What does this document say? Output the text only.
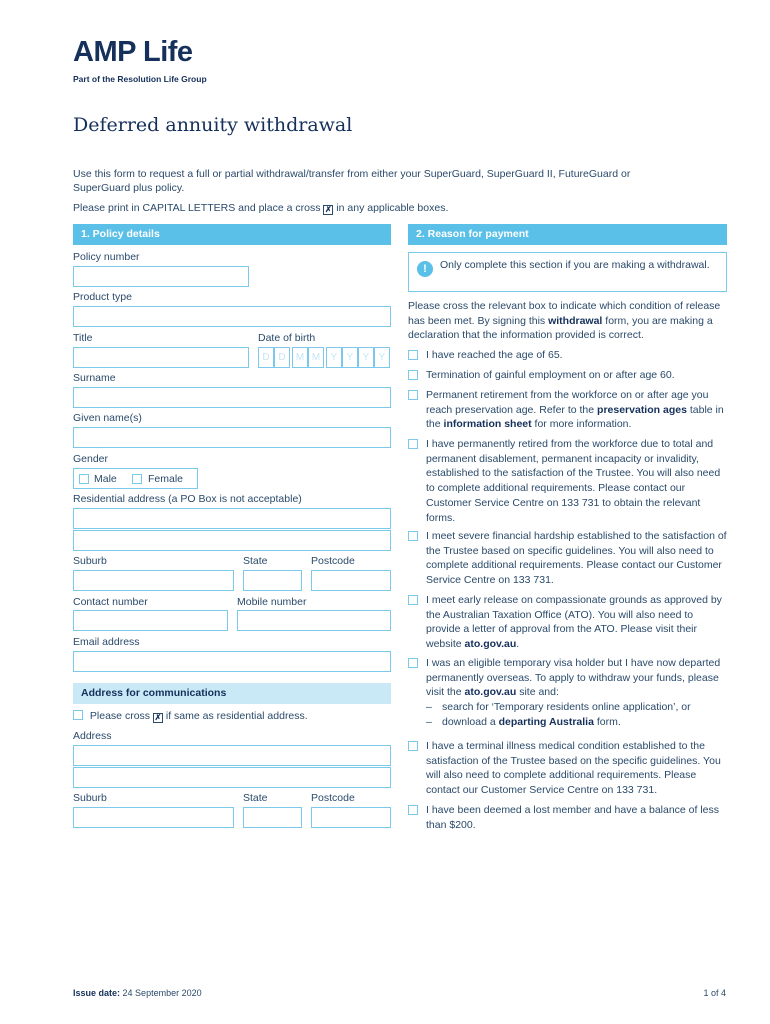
AMP Life
Part of the Resolution Life Group
Deferred annuity withdrawal
Use this form to request a full or partial withdrawal/transfer from either your SuperGuard, SuperGuard II, FutureGuard or SuperGuard plus policy.
Please print in CAPITAL LETTERS and place a cross ✗ in any applicable boxes.
1. Policy details
Policy number
Product type
Title	Date of birth
D D	M M	Y Y Y Y
Surname
Given name(s)
Gender
Male	Female
Residential address (a PO Box is not acceptable)
Suburb	State	Postcode
Contact number	Mobile number
Email address
Address for communications
Please cross ✗ if same as residential address.
Address
Suburb	State	Postcode
2. Reason for payment
!	Only complete this section if you are making a withdrawal.
Please cross the relevant box to indicate which condition of release has been met. By signing this withdrawal form, you are making a declaration that the information provided is correct.
I have reached the age of 65.
Termination of gainful employment on or after age 60.
Permanent retirement from the workforce on or after age you reach preservation age. Refer to the preservation ages table in the information sheet for more information.
I have permanently retired from the workforce due to total and permanent disablement, permanent incapacity or invalidity, established to the satisfaction of the Trustee. You will also need to complete additional requirements. Please contact our Customer Service Centre on 133 731 to obtain the relevant forms.
I meet severe financial hardship established to the satisfaction of the Trustee based on specific guidelines. You will also need to complete additional requirements. Please contact our Customer Service Centre on 133 731.
I meet early release on compassionate grounds as approved by the Australian Taxation Office (ATO). You will also need to provide a letter of approval from the ATO. Please visit their website ato.gov.au.
I was an eligible temporary visa holder but I have now departed permanently overseas. To apply to withdraw your funds, please visit the ato.gov.au site and:
– search for ‘Temporary residents online application’, or
– download a departing Australia form.
I have a terminal illness medical condition established to the satisfaction of the Trustee based on the specific guidelines. You will also need to complete additional requirements. Please contact our Customer Service Centre on 133 731.
I have been deemed a lost member and have a balance of less than $200.
Issue date: 24 September 2020	1 of 4
